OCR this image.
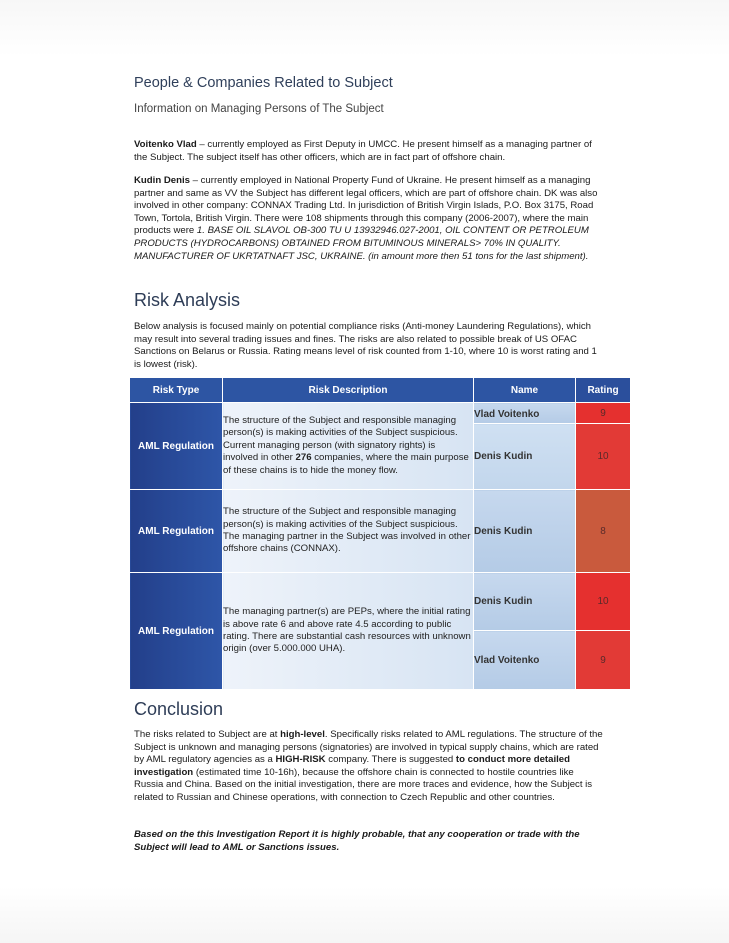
People & Companies Related to Subject
Information on Managing Persons of The Subject
Voitenko Vlad – currently employed as First Deputy in UMCC. He present himself as a managing partner of the Subject. The subject itself has other officers, which are in fact part of offshore chain.
Kudin Denis – currently employed in National Property Fund of Ukraine. He present himself as a managing partner and same as VV the Subject has different legal officers, which are part of offshore chain. DK was also involved in other company: CONNAX Trading Ltd. In jurisdiction of British Virgin Islads, P.O. Box 3175, Road Town, Tortola, British Virgin. There were 108 shipments through this company (2006-2007), where the main products were 1. BASE OIL SLAVOL OB-300 TU U 13932946.027-2001, OIL CONTENT OR PETROLEUM PRODUCTS (HYDROCARBONS) OBTAINED FROM BITUMINOUS MINERALS> 70% IN QUALITY. MANUFACTURER OF UKRTATNAFT JSC, UKRAINE. (in amount more then 51 tons for the last shipment).
Risk Analysis
Below analysis is focused mainly on potential compliance risks (Anti-money Laundering Regulations), which may result into several trading issues and fines. The risks are also related to possible break of US OFAC Sanctions on Belarus or Russia. Rating means level of risk counted from 1-10, where 10 is worst rating and 1 is lowest (risk).
Risk Type	Risk Description	Name	Rating
AML Regulation	The structure of the Subject and responsible managing person(s) is making activities of the Subject suspicious. Current managing person (with signatory rights) is involved in other 276 companies, where the main purpose of these chains is to hide the money flow.	Vlad Voitenko	9
		Denis Kudin	10
AML Regulation	The structure of the Subject and responsible managing person(s) is making activities of the Subject suspicious. The managing partner in the Subject was involved in other offshore chains (CONNAX).	Denis Kudin	8
AML Regulation	The managing partner(s) are PEPs, where the initial rating is above rate 6 and above rate 4.5 according to public rating. There are substantial cash resources with unknown origin (over 5.000.000 UHA).	Denis Kudin	10
		Vlad Voitenko	9
Conclusion
The risks related to Subject are at high-level. Specifically risks related to AML regulations. The structure of the Subject is unknown and managing persons (signatories) are involved in typical supply chains, which are rated by AML regulatory agencies as a HIGH-RISK company. There is suggested to conduct more detailed investigation (estimated time 10-16h), because the offshore chain is connected to hostile countries like Russia and China. Based on the initial investigation, there are more traces and evidence, how the Subject is related to Russian and Chinese operations, with connection to Czech Republic and other countries.
Based on the this Investigation Report it is highly probable, that any cooperation or trade with the Subject will lead to AML or Sanctions issues.
